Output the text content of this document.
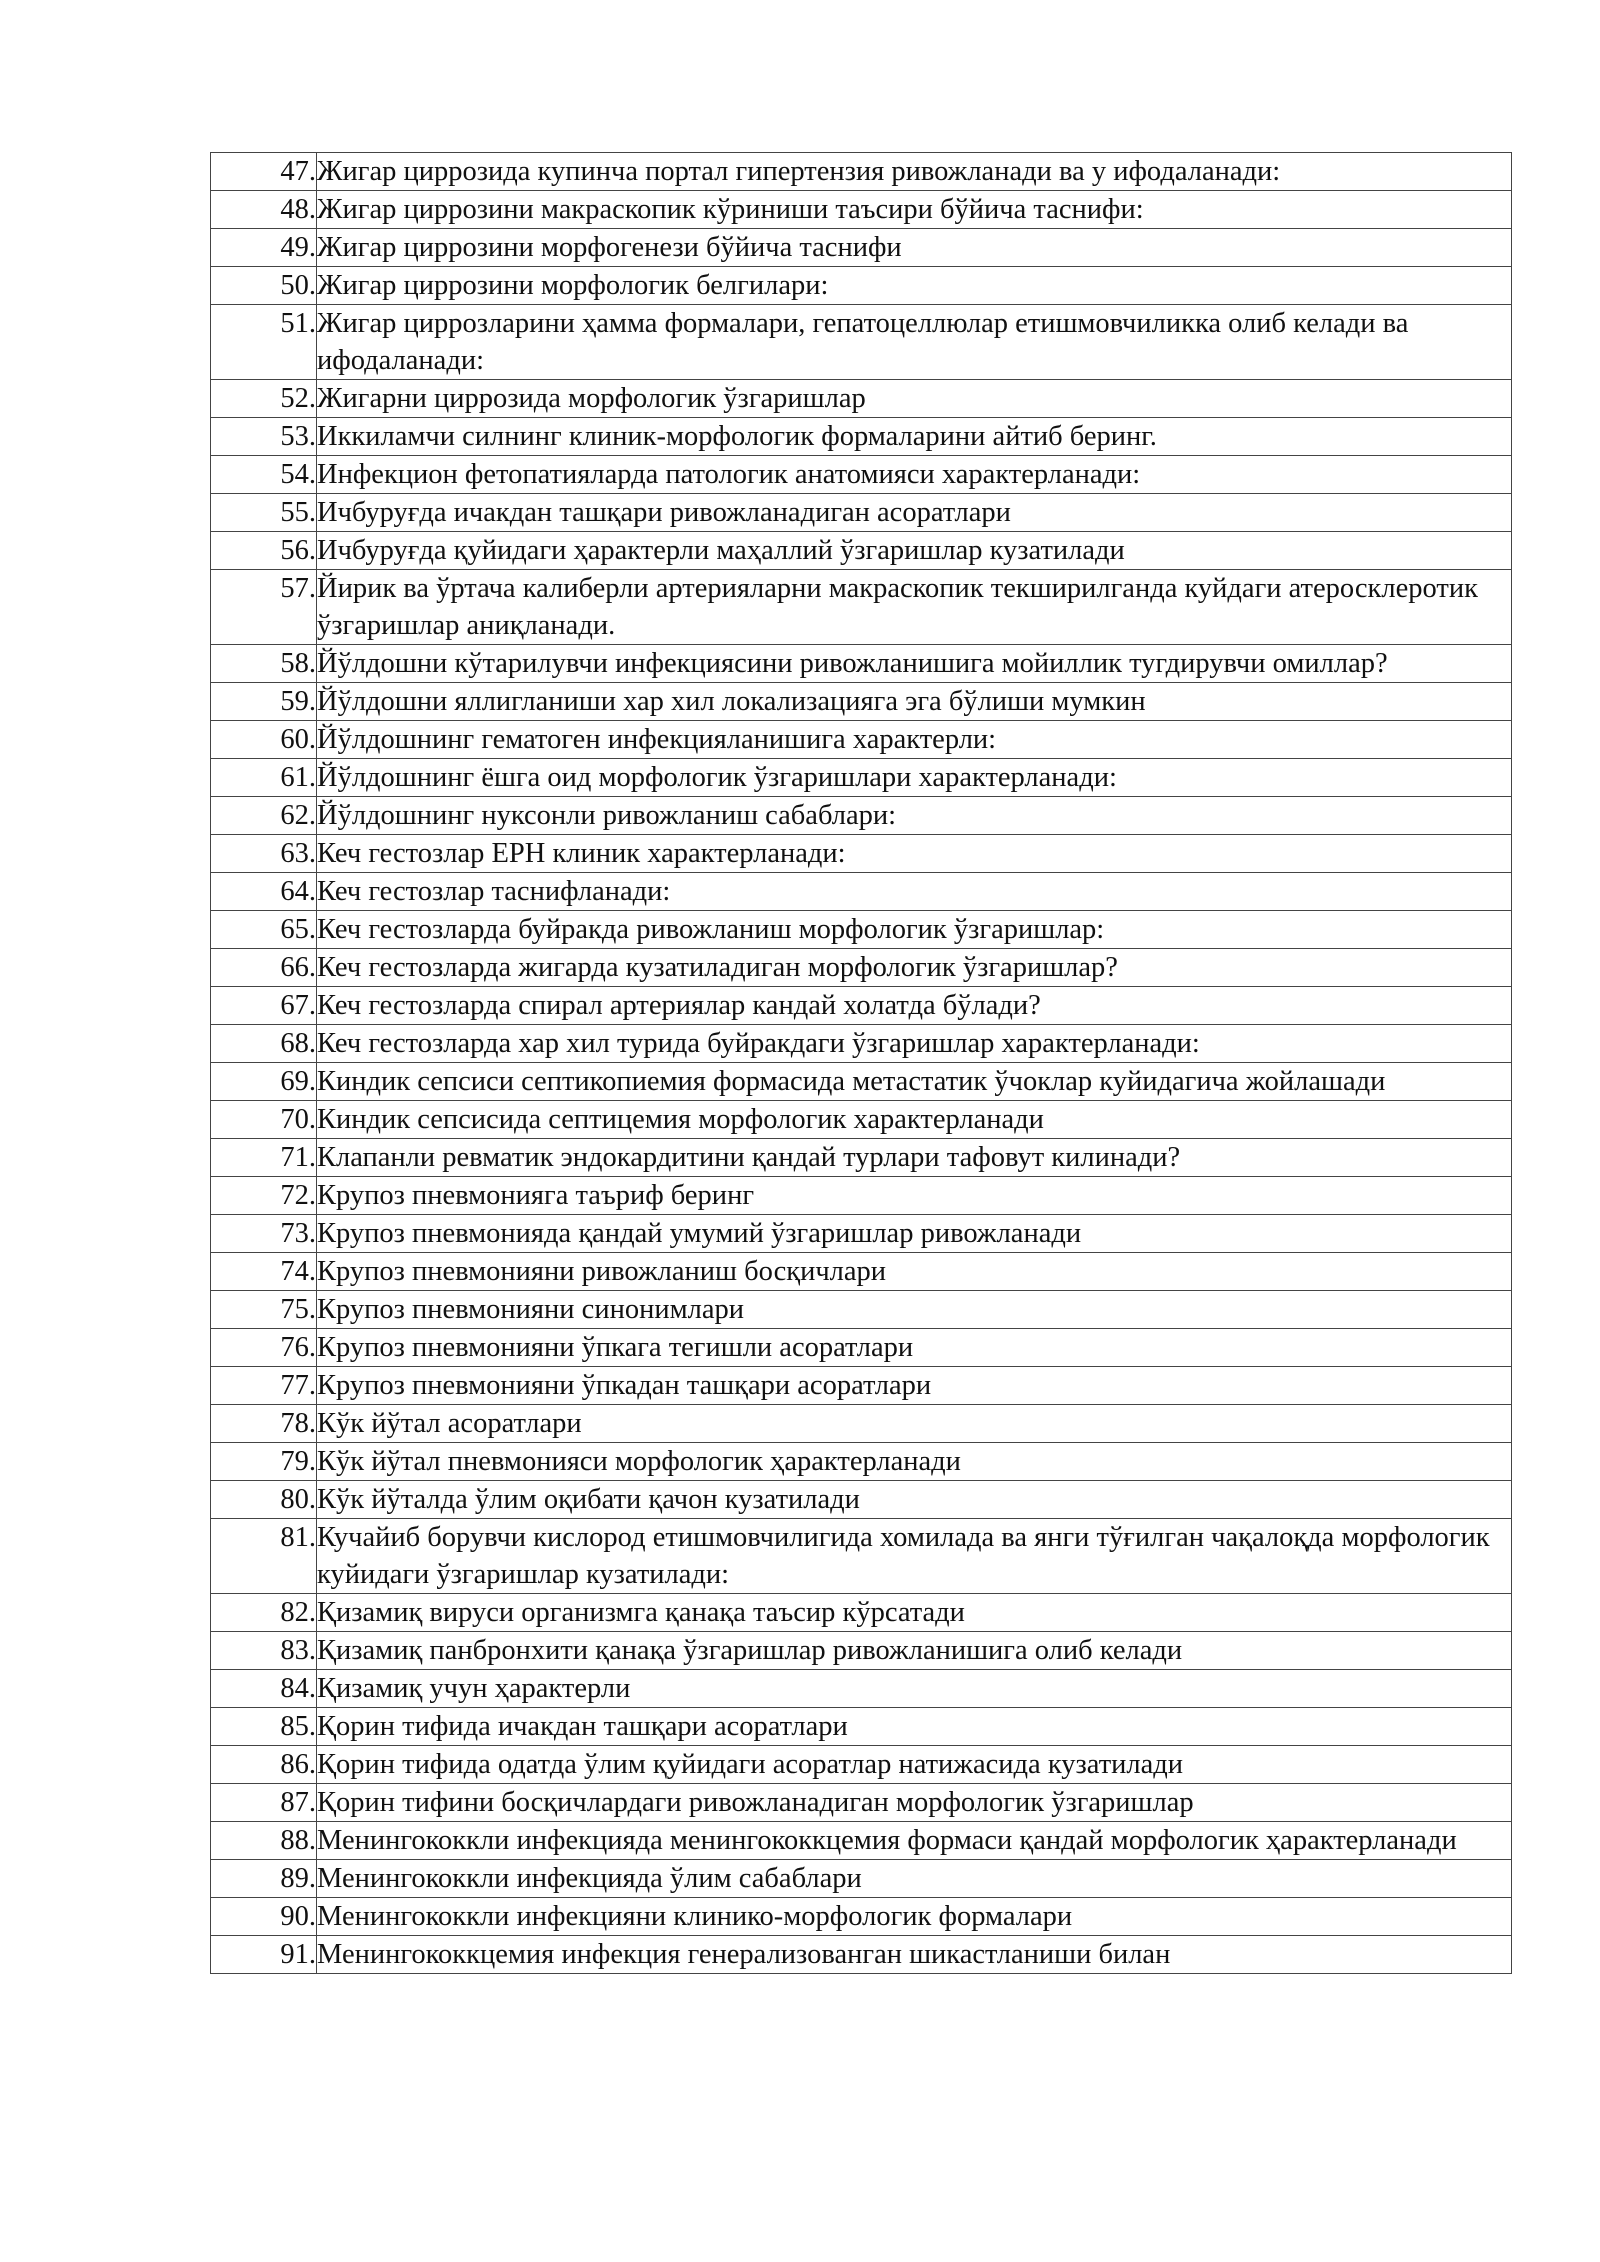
47.	Жигар циррозида купинча портал гипертензия ривожланади ва у ифодаланади:
48.	Жигар циррозини макраскопик кўриниши таъсири бўйича таснифи:
49.	Жигар циррозини морфогенези бўйича таснифи
50.	Жигар циррозини морфологик белгилари:
51.	Жигар циррозларини ҳамма формалари, гепатоцеллюлар етишмовчиликка олиб келади ва ифодаланади:
52.	Жигарни циррозида морфологик ўзгаришлар
53.	Иккиламчи силнинг клиник-морфологик формаларини айтиб беринг.
54.	Инфекцион фетопатияларда патологик анатомияси характерланади:
55.	Ичбуруғда ичакдан ташқари ривожланадиган асоратлари
56.	Ичбуруғда қуйидаги ҳарактерли маҳаллий ўзгаришлар кузатилади
57.	Йирик ва ўртача калиберли артерияларни макраскопик текширилганда куйдаги атеросклеротик ўзгаришлар аниқланади.
58.	Йўлдошни кўтарилувчи инфекциясини ривожланишига мойиллик тугдирувчи омиллар?
59.	Йўлдошни яллигланиши хар хил локализацияга эга бўлиши мумкин
60.	Йўлдошнинг гематоген инфекцияланишига характерли:
61.	Йўлдошнинг ёшга оид морфологик ўзгаришлари характерланади:
62.	Йўлдошнинг нуксонли ривожланиш сабаблари:
63.	Кеч гестозлар ЕРН клиник характерланади:
64.	Кеч гестозлар таснифланади:
65.	Кеч гестозларда буйракда ривожланиш морфологик ўзгаришлар:
66.	Кеч гестозларда жигарда кузатиладиган морфологик ўзгаришлар?
67.	Кеч гестозларда спирал артериялар кандай холатда бўлади?
68.	Кеч гестозларда хар хил турида буйракдаги ўзгаришлар характерланади:
69.	Киндик сепсиси септикопиемия формасида метастатик ўчоклар куйидагича жойлашади
70.	Киндик сепсисида септицемия морфологик характерланади
71.	Клапанли ревматик эндокардитини қандай турлари тафовут килинади?
72.	Крупоз пневмонияга таъриф беринг
73.	Крупоз пневмонияда қандай умумий ўзгаришлар ривожланади
74.	Крупоз пневмонияни ривожланиш босқичлари
75.	Крупоз пневмонияни синонимлари
76.	Крупоз пневмонияни ўпкага тегишли асоратлари
77.	Крупоз пневмонияни ўпкадан ташқари асоратлари
78.	Кўк йўтал асоратлари
79.	Кўк йўтал пневмонияси морфологик ҳарактерланади
80.	Кўк йўталда ўлим оқибати қачон кузатилади
81.	Кучайиб борувчи кислород етишмовчилигида хомилада ва янги тўғилган чақалоқда морфологик куйидаги ўзгаришлар кузатилади:
82.	Қизамиқ вируси организмга қанақа таъсир кўрсатади
83.	Қизамиқ панбронхити қанақа ўзгаришлар ривожланишига олиб келади
84.	Қизамиқ учун ҳарактерли
85.	Қорин тифида ичакдан ташқари асоратлари
86.	Қорин тифида одатда ўлим қуйидаги асоратлар натижасида кузатилади
87.	Қорин тифини босқичлардаги ривожланадиган морфологик ўзгаришлар
88.	Менингококкли инфекцияда менингококкцемия формаси қандай морфологик ҳарактерланади
89.	Менингококкли инфекцияда ўлим сабаблари
90.	Менингококкли инфекцияни клинико-морфологик формалари
91.	Менингококкцемия инфекция генерализованган шикастланиши билан
